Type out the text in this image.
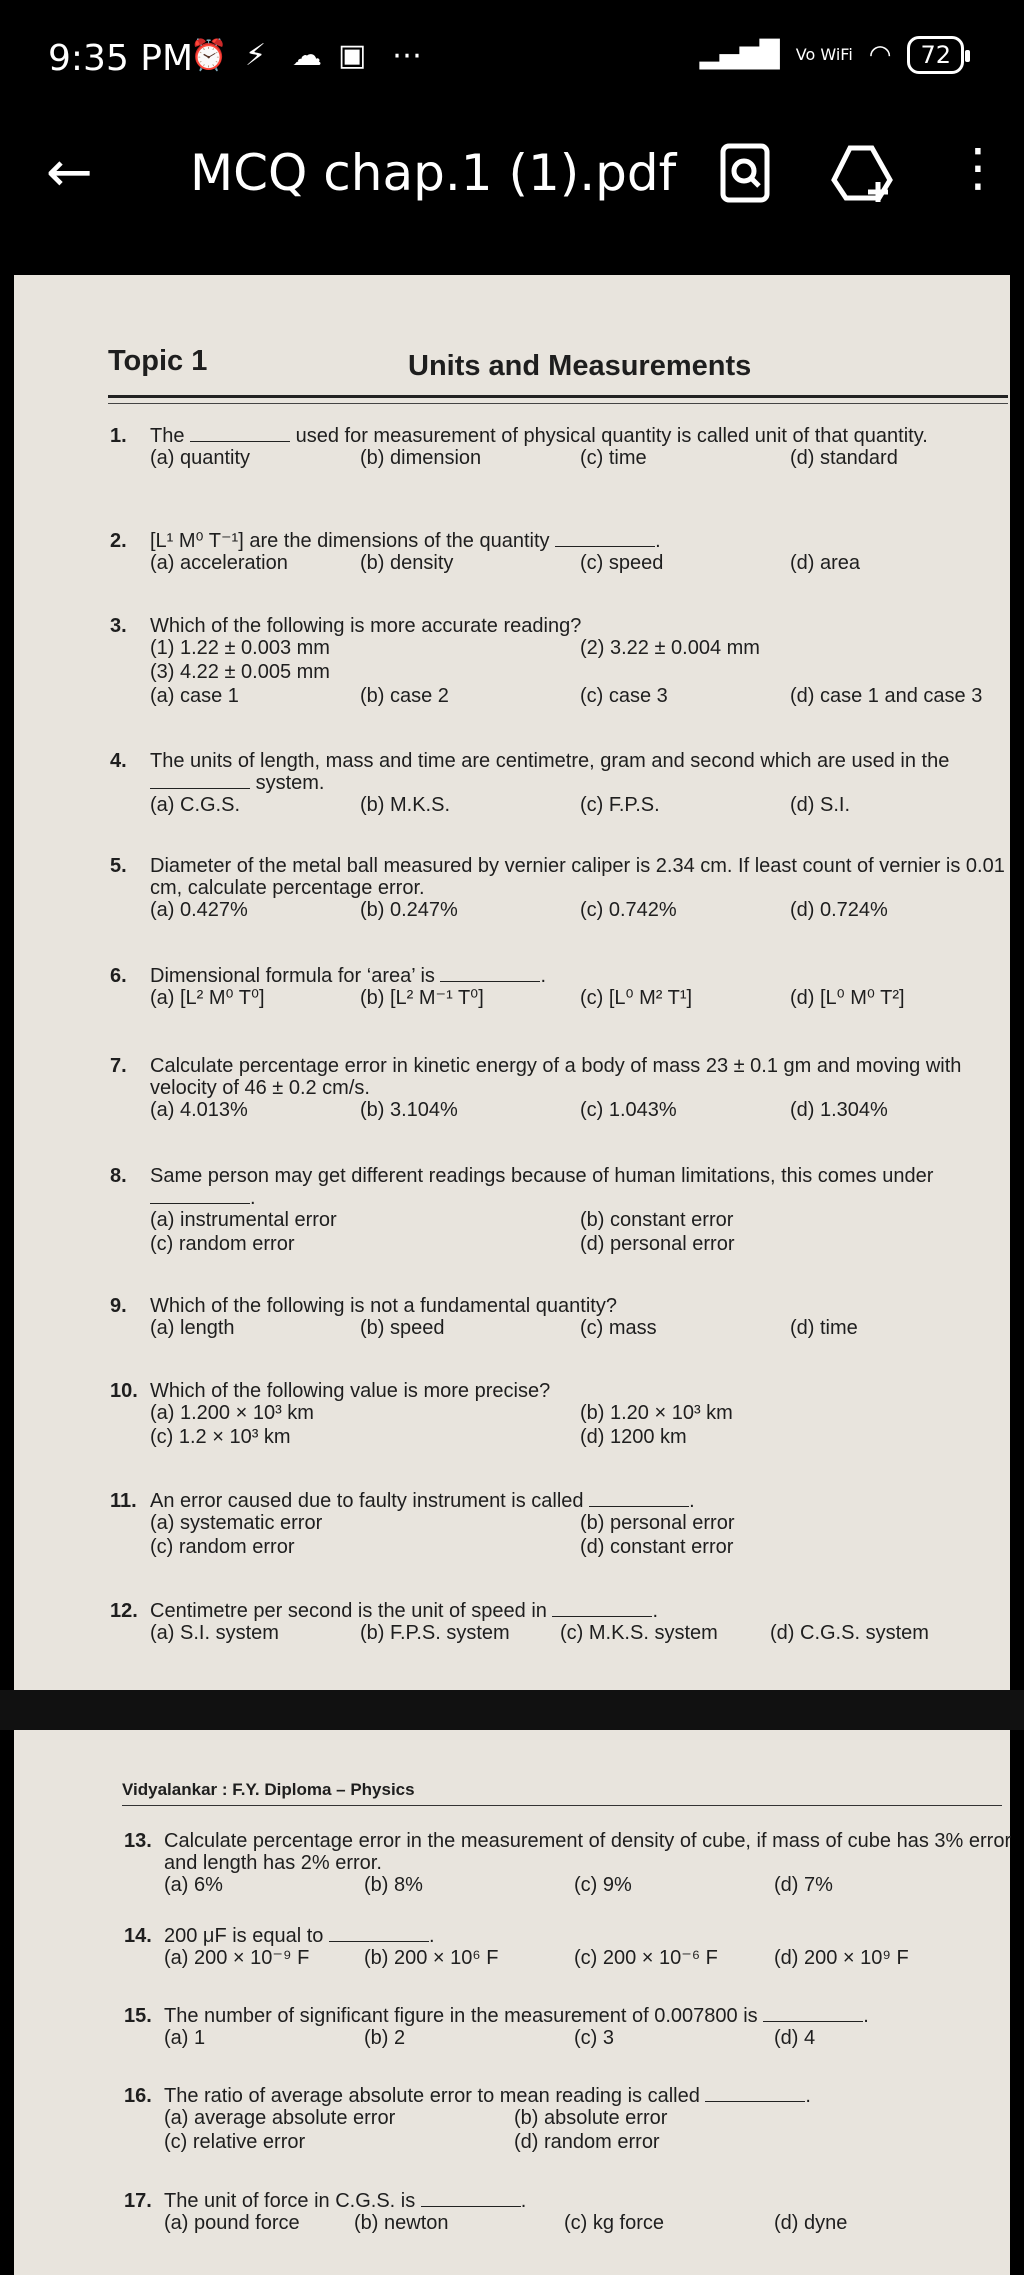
9:35 PM
⏰ ⚡ ☁ ▣ ⋯	▂▄▆█ Vo WiFi ◠	72
← MCQ chap.1 (1).pdf	⋮
Topic 1	Units and Measurements
1. The	used for measurement of physical quantity is called unit of that quantity.
(a) quantity	(b) dimension	(c) time	(d) standard
2. [L¹ M⁰ T⁻¹] are the dimensions of the quantity	.
(a) acceleration	(b) density	(c) speed	(d) area
3. Which of the following is more accurate reading?
(1) 1.22 ± 0.003 mm	(2) 3.22 ± 0.004 mm
(3) 4.22 ± 0.005 mm
(a) case 1	(b) case 2	(c) case 3	(d) case 1 and case 3
4. The units of length, mass and time are centimetre, gram and second which are used in the  system.
(a) C.G.S.	(b) M.K.S.	(c) F.P.S.	(d) S.I.
5. Diameter of the metal ball measured by vernier caliper is 2.34 cm. If least count of vernier is 0.01 cm, calculate percentage error.
(a) 0.427%	(b) 0.247%	(c) 0.742%	(d) 0.724%
6. Dimensional formula for ‘area’ is	.
(a) [L² M⁰ T⁰]	(b) [L² M⁻¹ T⁰]	(c) [L⁰ M² T¹]	(d) [L⁰ M⁰ T²]
7. Calculate percentage error in kinetic energy of a body of mass 23 ± 0.1 gm and moving with velocity of 46 ± 0.2 cm/s.
(a) 4.013%	(b) 3.104%	(c) 1.043%	(d) 1.304%
8. Same person may get different readings because of human limitations, this comes under .
(a) instrumental error	(b) constant error
(c) random error	(d) personal error
9. Which of the following is not a fundamental quantity?
(a) length	(b) speed	(c) mass	(d) time
10. Which of the following value is more precise?
(a) 1.200 × 10³ km	(b) 1.20 × 10³ km
(c) 1.2 × 10³ km	(d) 1200 km
11. An error caused due to faulty instrument is called	.
(a) systematic error	(b) personal error
(c) random error	(d) constant error
12. Centimetre per second is the unit of speed in	.
(a) S.I. system	(b) F.P.S. system	(c) M.K.S. system	(d) C.G.S. system
Vidyalankar : F.Y. Diploma – Physics
13. Calculate percentage error in the measurement of density of cube, if mass of cube has 3% error and length has 2% error.
(a) 6%	(b) 8%	(c) 9%	(d) 7%
14. 200 μF is equal to	.
(a) 200 × 10⁻⁹ F	(b) 200 × 10⁶ F	(c) 200 × 10⁻⁶ F	(d) 200 × 10⁹ F
15. The number of significant figure in the measurement of 0.007800 is	.
(a) 1	(b) 2	(c) 3	(d) 4
16. The ratio of average absolute error to mean reading is called	.
(a) average absolute error	(b) absolute error
(c) relative error	(d) random error
17. The unit of force in C.G.S. is	.
(a) pound force	(b) newton	(c) kg force	(d) dyne
